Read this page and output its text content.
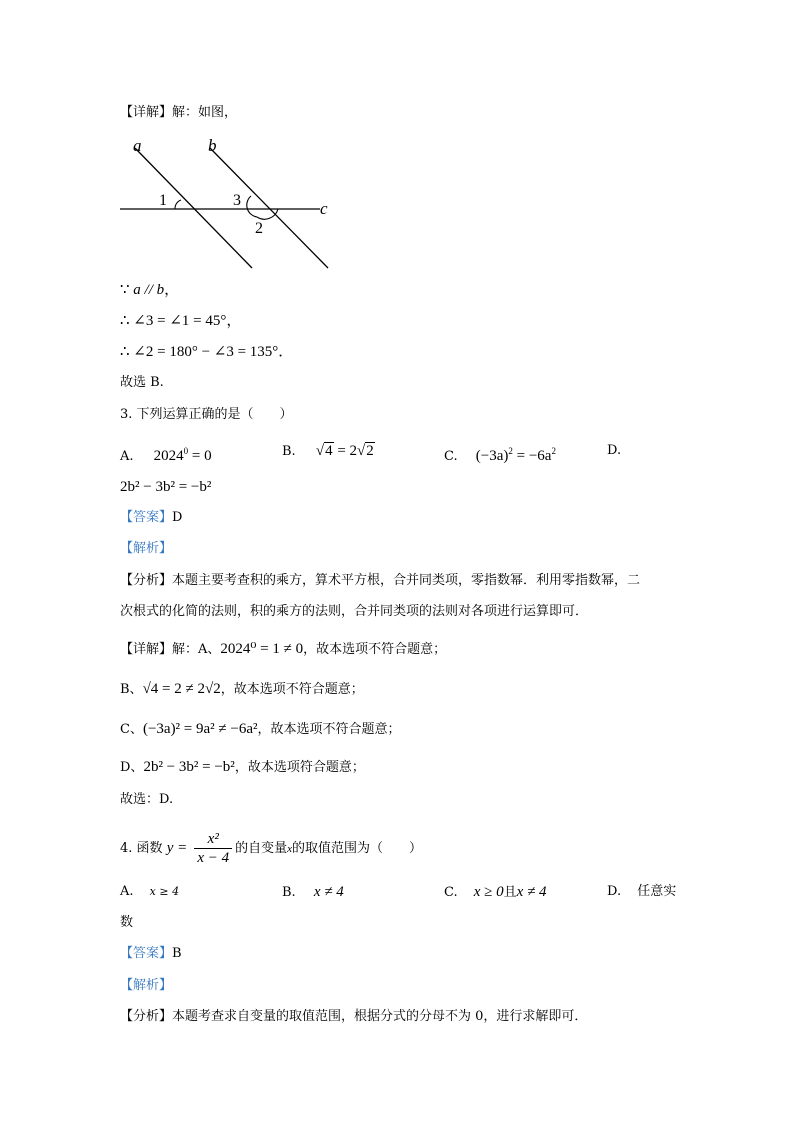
【详解】解：如图，
a	b
c
1	3
2
∵ a // b，
∴ ∠3 = ∠1 = 45°，
∴ ∠2 = 180° − ∠3 = 135°．
故选 B.
3. 下列运算正确的是（　　）
A. $2024^0 = 0$	B. √4 = 2√2	C. $(-3a)^2 = -6a^2$	D.
2b² − 3b² = −b²
【答案】D
【解析】
【分析】本题主要考查积的乘方，算术平方根，合并同类项，零指数幂．利用零指数幂，二
次根式的化简的法则，积的乘方的法则，合并同类项的法则对各项进行运算即可．
【详解】解：A、2024⁰ = 1 ≠ 0，故本选项不符合题意；
B、√4 = 2 ≠ 2√2，故本选项不符合题意；
C、(−3a)² = 9a² ≠ −6a²，故本选项不符合题意；
D、2b² − 3b² = −b²，故本选项符合题意；
故选：D.
4. 函数 $y = \frac{\text{x²}}{x - 4}$ 的自变量x的取值范围为（　　）
A. x ≥ 4	B. x ≠ 4	C. x ≥ 0且x ≠ 4	D. 任意实
数
【答案】B
【解析】
【分析】本题考查求自变量的取值范围，根据分式的分母不为 0，进行求解即可．
